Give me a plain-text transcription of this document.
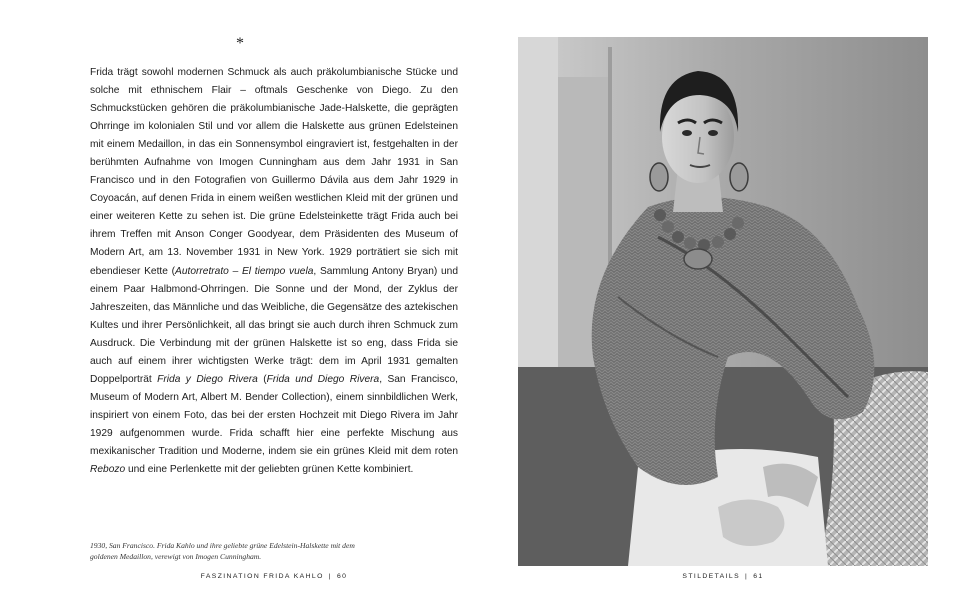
*
Frida trägt sowohl modernen Schmuck als auch präkolumbianische Stücke und solche mit ethnischem Flair – oftmals Geschenke von Diego. Zu den Schmuckstücken gehören die präkolumbianische Jade-Halskette, die geprägten Ohrringe im kolonialen Stil und vor allem die Halskette aus grünen Edelsteinen mit einem Medaillon, in das ein Sonnensymbol eingraviert ist, festgehalten in der berühmten Aufnahme von Imogen Cunningham aus dem Jahr 1931 in San Francisco und in den Fotografien von Guillermo Dávila aus dem Jahr 1929 in Coyoacán, auf denen Frida in einem weißen westlichen Kleid mit der grünen und einer weiteren Kette zu sehen ist. Die grüne Edelsteinkette trägt Frida auch bei ihrem Treffen mit Anson Conger Goodyear, dem Präsidenten des Museum of Modern Art, am 13. November 1931 in New York. 1929 porträtiert sie sich mit ebendieser Kette (Autorretrato – El tiempo vuela, Sammlung Antony Bryan) und einem Paar Halbmond-Ohrringen. Die Sonne und der Mond, der Zyklus der Jahreszeiten, das Männliche und das Weibliche, die Gegensätze des aztekischen Kultes und ihrer Persönlichkeit, all das bringt sie auch durch ihren Schmuck zum Ausdruck. Die Verbindung mit der grünen Halskette ist so eng, dass Frida sie auch auf einem ihrer wichtigsten Werke trägt: dem im April 1931 gemalten Doppelporträt Frida y Diego Rivera (Frida und Diego Rivera, San Francisco, Museum of Modern Art, Albert M. Bender Collection), einem sinnbildlichen Werk, inspiriert von einem Foto, das bei der ersten Hochzeit mit Diego Rivera im Jahr 1929 aufgenommen wurde. Frida schafft hier eine perfekte Mischung aus mexikanischer Tradition und Moderne, indem sie ein grünes Kleid mit dem roten Rebozo und eine Perlenkette mit der geliebten grünen Kette kombiniert.
1930, San Francisco. Frida Kahlo und ihre geliebte grüne Edelstein-Halskette mit dem goldenen Medaillon, verewigt von Imogen Cunningham.
FASZINATION FRIDA KAHLO | 60	STILDETAILS | 61
